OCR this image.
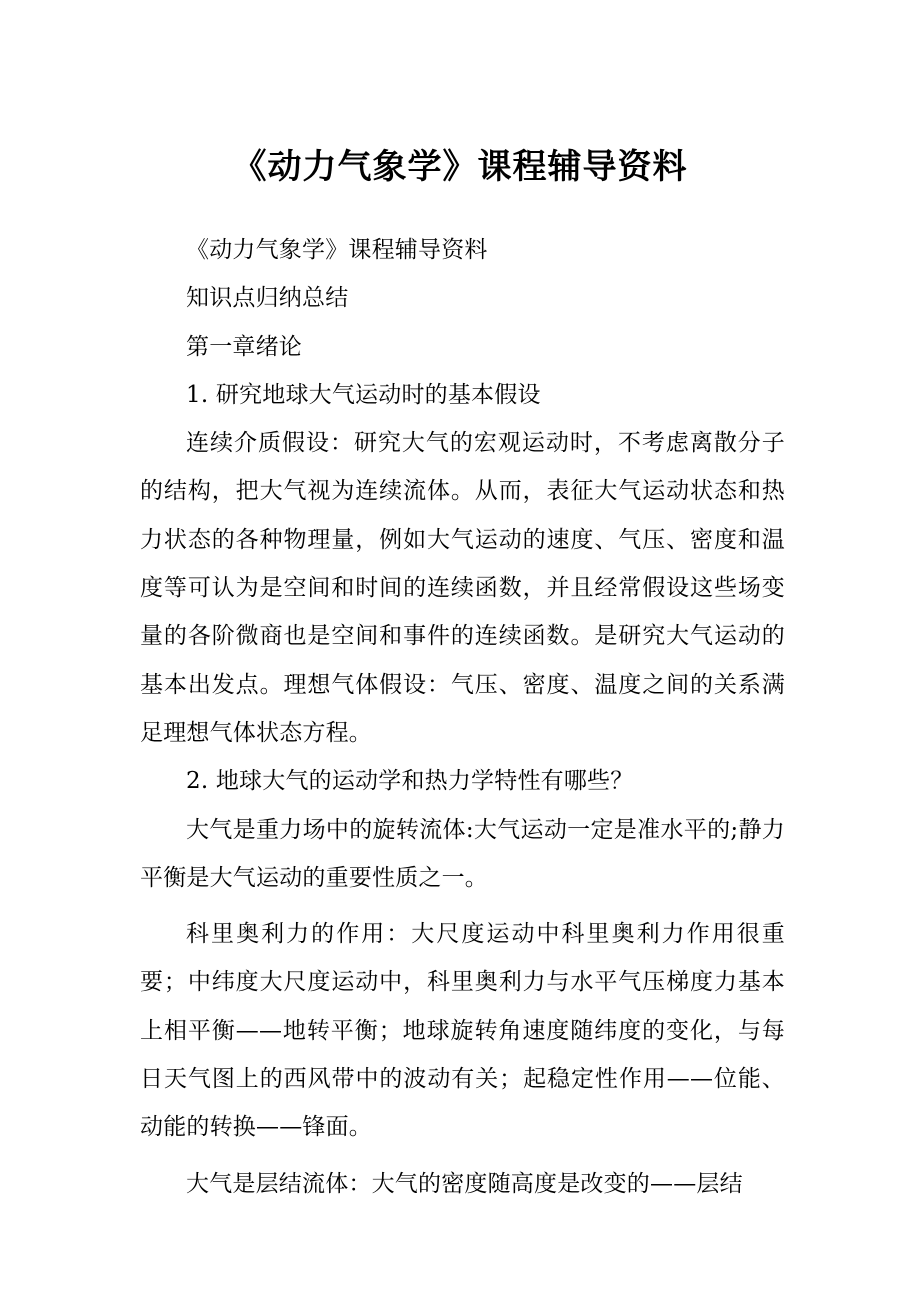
《动力气象学》课程辅导资料

《动力气象学》课程辅导资料

知识点归纳总结

第一章绪论

1. 研究地球大气运动时的基本假设

连续介质假设：研究大气的宏观运动时，不考虑离散分子的结构，把大气视为连续流体。从而，表征大气运动状态和热力状态的各种物理量，例如大气运动的速度、气压、密度和温度等可认为是空间和时间的连续函数，并且经常假设这些场变量的各阶微商也是空间和事件的连续函数。是研究大气运动的基本出发点。理想气体假设：气压、密度、温度之间的关系满足理想气体状态方程。

2. 地球大气的运动学和热力学特性有哪些？

大气是重力场中的旋转流体:大气运动一定是准水平的;静力平衡是大气运动的重要性质之一。

科里奥利力的作用：大尺度运动中科里奥利力作用很重要；中纬度大尺度运动中，科里奥利力与水平气压梯度力基本上相平衡——地转平衡；地球旋转角速度随纬度的变化，与每日天气图上的西风带中的波动有关；起稳定性作用——位能、动能的转换——锋面。

大气是层结流体：大气的密度随高度是改变的——层结
